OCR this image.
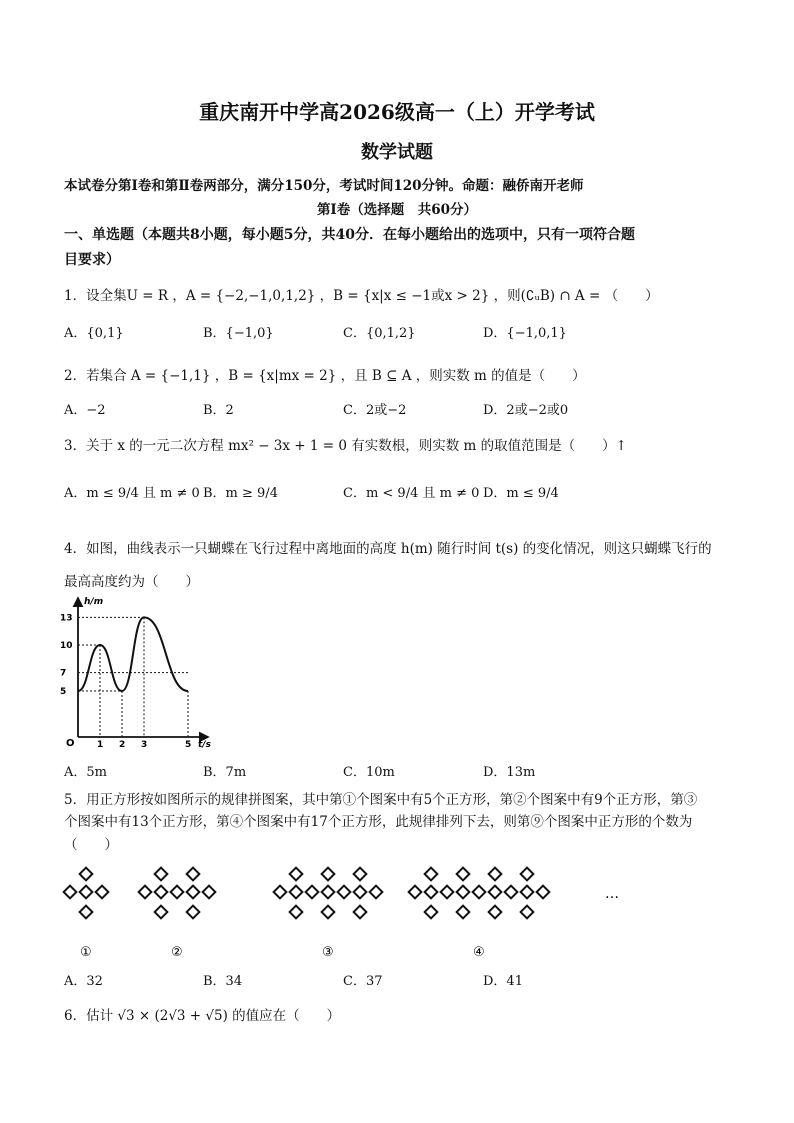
重庆南开中学高2026级高一（上）开学考试
数学试题
本试卷分第Ⅰ卷和第Ⅱ卷两部分，满分150分，考试时间120分钟。命题：融侨南开老师
第Ⅰ卷（选择题　共60分）
一、单选题（本题共8小题，每小题5分，共40分．在每小题给出的选项中，只有一项符合题
目要求）
1．设全集U = R ，A = {−2,−1,0,1,2} ，B = {x|x ≤ −1或x > 2} ，则(∁ᵤB) ∩ A = （　　）
A．{0,1}	B．{−1,0}	C．{0,1,2}	D．{−1,0,1}
2．若集合 A = {−1,1} ，B = {x|mx = 2} ，且 B ⊆ A ，则实数 m 的值是（　　）
A．−2	B．2	C．2或−2	D．2或−2或0
3．关于 x 的一元二次方程 mx² − 3x + 1 = 0 有实数根，则实数 m 的取值范围是（　　）↑
A．m ≤ 9/4 且 m ≠ 0 B．m ≥ 9/4	C．m < 9/4 且 m ≠ 0 D．m ≤ 9/4
4．如图，曲线表示一只蝴蝶在飞行过程中离地面的高度 h(m) 随行时间 t(s) 的变化情况，则这只蝴蝶飞行的
最高高度约为（　　）
h/m
t/s
O
13
10
7
5
1 2 3	5
A．5m	B．7m	C．10m	D．13m
5．用正方形按如图所示的规律拼图案，其中第①个图案中有5个正方形，第②个图案中有9个正方形，第③
个图案中有13个正方形，第④个图案中有17个正方形，此规律排列下去，则第⑨个图案中正方形的个数为
（　　）
①	②	③	④
…
A．32	B．34	C．37	D．41
6．估计 √3 × (2√3 + √5) 的值应在（　　）
